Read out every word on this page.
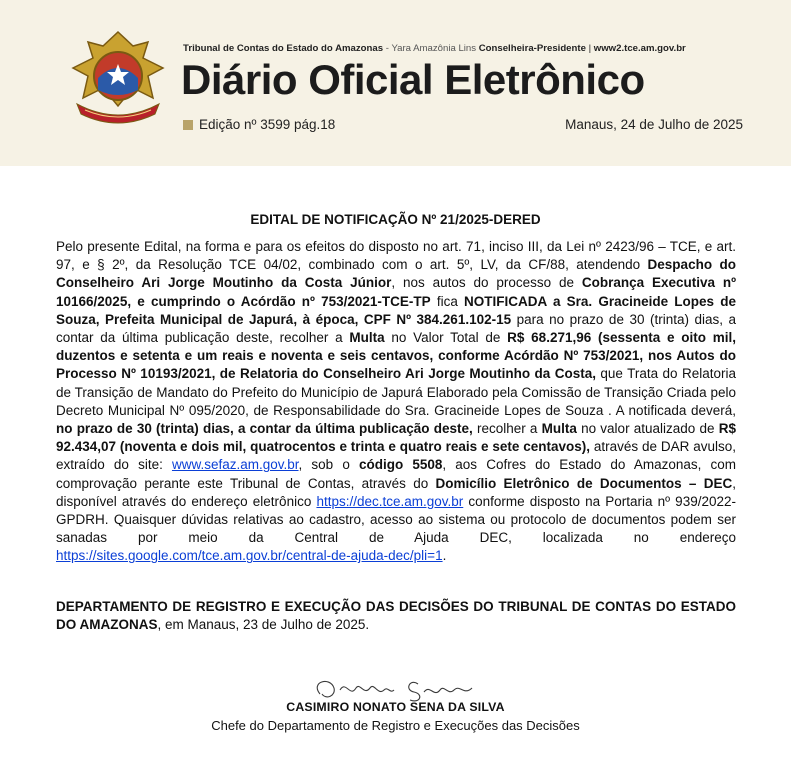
Tribunal de Contas do Estado do Amazonas - Yara Amazônia Lins Conselheira-Presidente | www2.tce.am.gov.br
Diário Oficial Eletrônico
Edição nº 3599 pág.18	Manaus, 24 de Julho de 2025
EDITAL DE NOTIFICAÇÃO Nº 21/2025-DERED
Pelo presente Edital, na forma e para os efeitos do disposto no art. 71, inciso III, da Lei nº 2423/96 – TCE, e art. 97, e § 2º, da Resolução TCE 04/02, combinado com o art. 5º, LV, da CF/88, atendendo Despacho do Conselheiro Ari Jorge Moutinho da Costa Júnior, nos autos do processo de Cobrança Executiva nº 10166/2025, e cumprindo o Acórdão nº 753/2021-TCE-TP fica NOTIFICADA a Sra. Gracineide Lopes de Souza, Prefeita Municipal de Japurá, à época, CPF Nº 384.261.102-15 para no prazo de 30 (trinta) dias, a contar da última publicação deste, recolher a Multa no Valor Total de R$ 68.271,96 (sessenta e oito mil, duzentos e setenta e um reais e noventa e seis centavos, conforme Acórdão Nº 753/2021, nos Autos do Processo Nº 10193/2021, de Relatoria do Conselheiro Ari Jorge Moutinho da Costa, que Trata do Relatoria de Transição de Mandato do Prefeito do Município de Japurá Elaborado pela Comissão de Transição Criada pelo Decreto Municipal Nº 095/2020, de Responsabilidade do Sra. Gracineide Lopes de Souza . A notificada deverá, no prazo de 30 (trinta) dias, a contar da última publicação deste, recolher a Multa no valor atualizado de R$ 92.434,07 (noventa e dois mil, quatrocentos e trinta e quatro reais e sete centavos), através de DAR avulso, extraído do site: www.sefaz.am.gov.br, sob o código 5508, aos Cofres do Estado do Amazonas, com comprovação perante este Tribunal de Contas, através do Domicílio Eletrônico de Documentos – DEC, disponível através do endereço eletrônico https://dec.tce.am.gov.br conforme disposto na Portaria nº 939/2022-GPDRH. Quaisquer dúvidas relativas ao cadastro, acesso ao sistema ou protocolo de documentos podem ser sanadas por meio da Central de Ajuda DEC, localizada no endereço https://sites.google.com/tce.am.gov.br/central-de-ajuda-dec/pli=1.
DEPARTAMENTO DE REGISTRO E EXECUÇÃO DAS DECISÕES DO TRIBUNAL DE CONTAS DO ESTADO DO AMAZONAS, em Manaus, 23 de Julho de 2025.
CASIMIRO NONATO SENA DA SILVA
Chefe do Departamento de Registro e Execuções das Decisões
